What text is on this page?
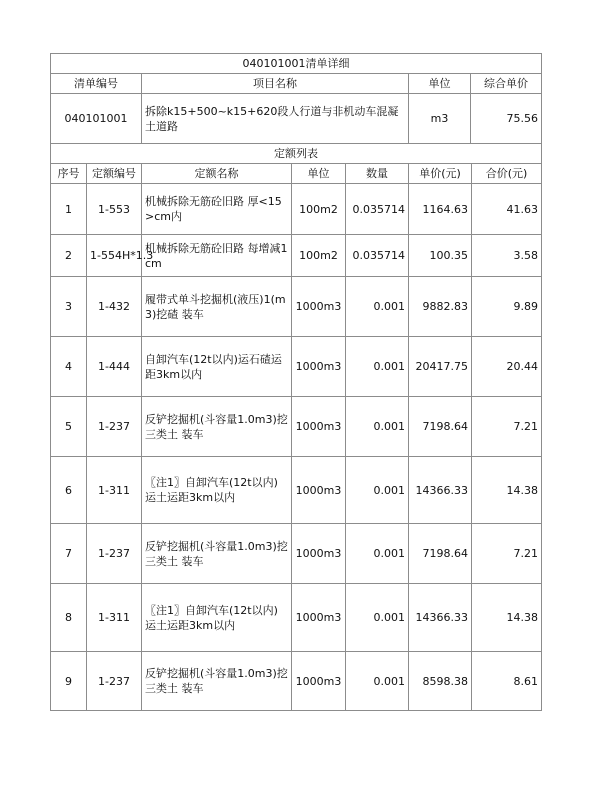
040101001清单详细			
清单编号	项目名称	单位	综合单价
040101001	拆除k15+500~k15+620段人行道与非机动车混凝土道路	m3	75.56
定额列表						
序号	定额编号	定额名称	单位	数量	单价(元)	合价(元)
1	1-553	机械拆除无筋砼旧路 厚<15>cm内	100m2	0.035714	1164.63	41.63
2	1-554H*1.3	机械拆除无筋砼旧路 每增减1cm	100m2	0.035714	100.35	3.58
3	1-432	履带式单斗挖掘机(液压)1(m3)挖碴 装车	1000m3	0.001	9882.83	9.89
4	1-444	自卸汽车(12t以内)运石碴运距3km以内	1000m3	0.001	20417.75	20.44
5	1-237	反铲挖掘机(斗容量1.0m3)挖三类土 装车	1000m3	0.001	7198.64	7.21
6	1-311	〖注1〗自卸汽车(12t以内)运土运距3km以内	1000m3	0.001	14366.33	14.38
7	1-237	反铲挖掘机(斗容量1.0m3)挖三类土 装车	1000m3	0.001	7198.64	7.21
8	1-311	〖注1〗自卸汽车(12t以内)运土运距3km以内	1000m3	0.001	14366.33	14.38
9	1-237	反铲挖掘机(斗容量1.0m3)挖三类土 装车	1000m3	0.001	8598.38	8.61
